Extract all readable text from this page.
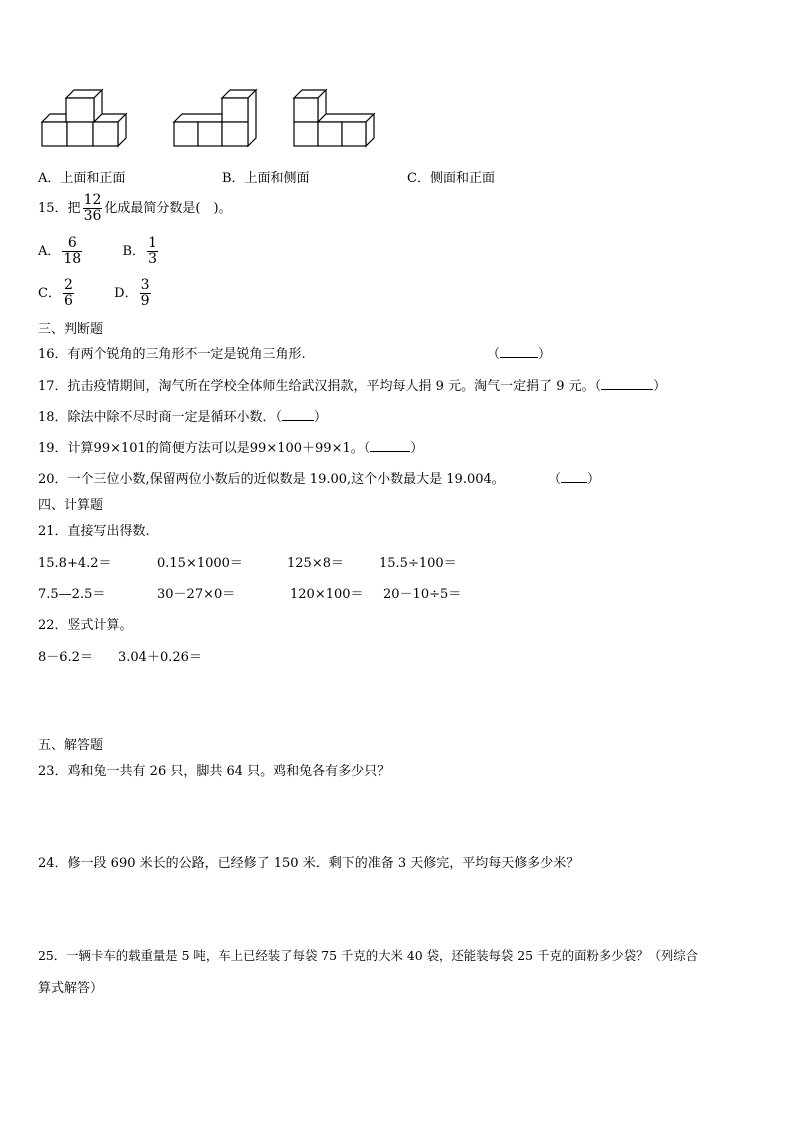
A．上面和正面	B．上面和侧面	C．侧面和正面
15．把 $\frac{12}{36}$ 化成最简分数是(　)。
A． $\frac{6}{18}$	B． $\frac{1}{3}$
C． $\frac{2}{6}$	D． $\frac{3}{9}$
三、判断题
16．有两个锐角的三角形不一定是锐角三角形.	（	）
17．抗击疫情期间，淘气所在学校全体师生给武汉捐款，平均每人捐 9 元。淘气一定捐了 9 元。（	）
18．除法中除不尽时商一定是循环小数．（ ）
19．计算99×101的简便方法可以是99×100＋99×1。（	）
20．一个三位小数,保留两位小数后的近似数是 19.00,这个小数最大是 19.004。	（ ）
四、计算题
21．直接写出得数.
15.8+4.2＝	0.15×1000＝	125×8＝	15.5÷100＝
7.5—2.5＝	30－27×0＝	120×100＝ 20－10÷5＝
22．竖式计算。
8－6.2＝ 3.04＋0.26＝
五、解答题
23．鸡和兔一共有 26 只，脚共 64 只。鸡和兔各有多少只？
24．修一段 690 米长的公路，已经修了 150 米．剩下的准备 3 天修完，平均每天修多少米？
25．一辆卡车的载重量是 5 吨，车上已经装了每袋 75 千克的大米 40 袋，还能装每袋 25 千克的面粉多少袋？（列综合
算式解答）
